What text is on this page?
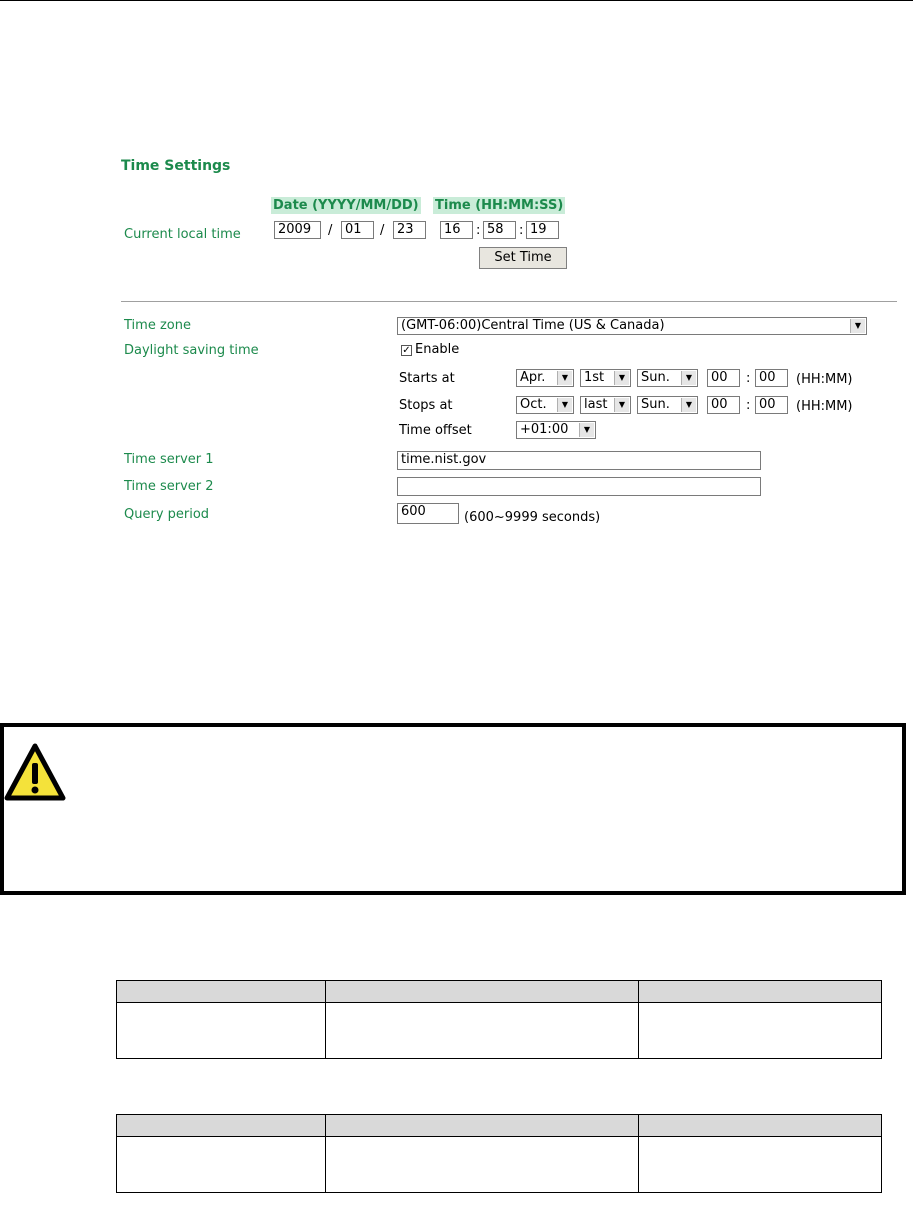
Time Settings
Date (YYYY/MM/DD) Time (HH:MM:SS)
Current local time	2009	/ 01	/ 23	16	: 58	: 19
Set Time
Time zone	(GMT-06:00)Central Time (US & Canada)	▼
Daylight saving time	✓ Enable
Starts at	Apr.	▼	1st	▼	Sun.	▼	00	: 00	(HH:MM)
Stops at	Oct.	▼	last	▼	Sun.	▼	00	: 00	(HH:MM)
Time offset	+01:00	▼
Time server 1	time.nist.gov
Time server 2
Query period	600	(600~9999 seconds)
